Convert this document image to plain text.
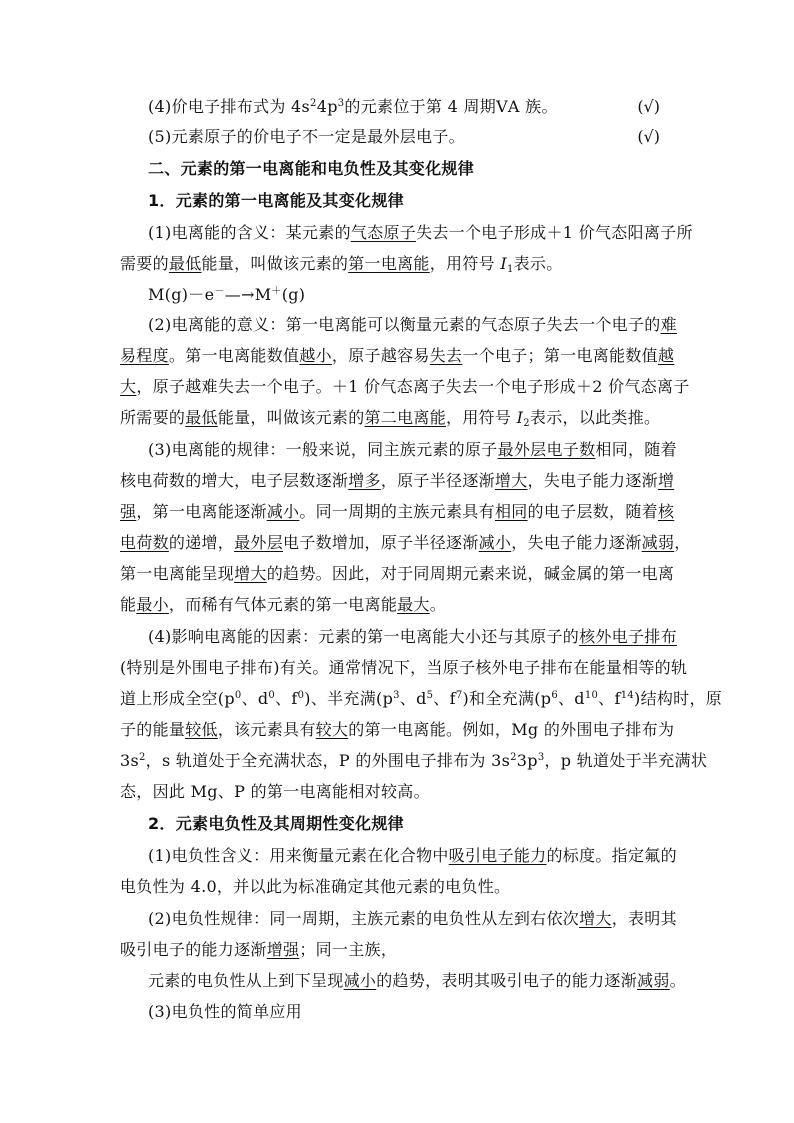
(4)价电子排布式为 $4s^24p^3$的元素位于第 4 周期ⅤA 族。	(√)
(5)元素原子的价电子不一定是最外层电子。	(√)
二、元素的第一电离能和电负性及其变化规律
1．元素的第一电离能及其变化规律
(1)电离能的含义：某元素的气态原子失去一个电子形成＋1 价气态阳离子所
需要的最低能量，叫做该元素的第一电离能，用符号 $I_1$表示。
M(g)－e－—→M＋(g)
(2)电离能的意义：第一电离能可以衡量元素的气态原子失去一个电子的难
易程度。第一电离能数值越小，原子越容易失去一个电子；第一电离能数值越
大，原子越难失去一个电子。＋1 价气态离子失去一个电子形成＋2 价气态离子
所需要的最低能量，叫做该元素的第二电离能，用符号 $I_2$表示，以此类推。
(3)电离能的规律：一般来说，同主族元素的原子最外层电子数相同，随着
核电荷数的增大，电子层数逐渐增多，原子半径逐渐增大，失电子能力逐渐增
强，第一电离能逐渐减小。同一周期的主族元素具有相同的电子层数，随着核
电荷数的递增，最外层电子数增加，原子半径逐渐减小，失电子能力逐渐减弱，
第一电离能呈现增大的趋势。因此，对于同周期元素来说，碱金属的第一电离
能最小，而稀有气体元素的第一电离能最大。
(4)影响电离能的因素：元素的第一电离能大小还与其原子的核外电子排布
(特别是外围电子排布)有关。通常情况下，当原子核外电子排布在能量相等的轨
道上形成全空($p^0$、$d^0$、$f^0$)、半充满($p^3$、$d^5$、$f^7$)和全充满($p^6$、$d^{10}$、$f^{14}$)结构时，原
子的能量较低，该元素具有较大的第一电离能。例如，Mg 的外围电子排布为
$3s^2$，s 轨道处于全充满状态，P 的外围电子排布为 $3s^23p^3$，p 轨道处于半充满状
态，因此 Mg、P 的第一电离能相对较高。
2．元素电负性及其周期性变化规律
(1)电负性含义：用来衡量元素在化合物中吸引电子能力的标度。指定氟的
电负性为 4.0，并以此为标准确定其他元素的电负性。
(2)电负性规律：同一周期，主族元素的电负性从左到右依次增大，表明其
吸引电子的能力逐渐增强；同一主族，
元素的电负性从上到下呈现减小的趋势，表明其吸引电子的能力逐渐减弱。
(3)电负性的简单应用
